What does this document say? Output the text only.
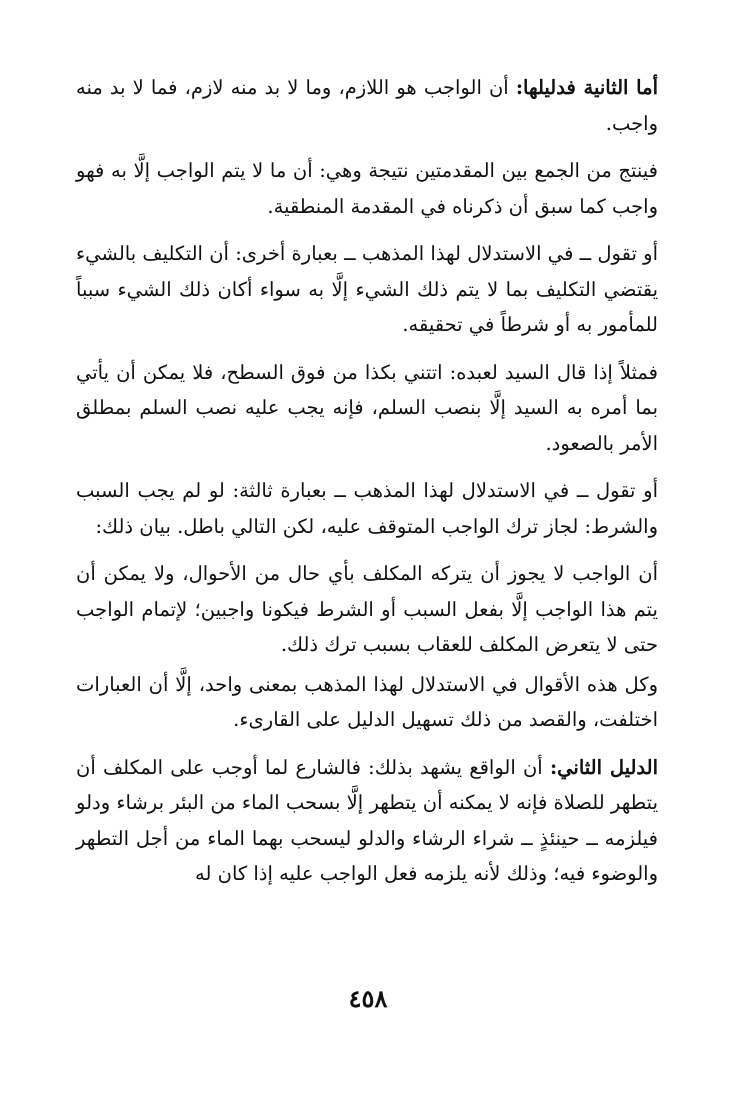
أما الثانية فدليلها: أن الواجب هو اللازم، وما لا بد منه لازم، فما لا بد منه واجب.

فينتج من الجمع بين المقدمتين نتيجة وهي: أن ما لا يتم الواجب إلَّا به فهو واجب كما سبق أن ذكرناه في المقدمة المنطقية.

أو تقول ــ في الاستدلال لهذا المذهب ــ بعبارة أخرى: أن التكليف بالشيء يقتضي التكليف بما لا يتم ذلك الشيء إلَّا به سواء أكان ذلك الشيء سبباً للمأمور به أو شرطاً في تحقيقه.

فمثلاً إذا قال السيد لعبده: اتتني بكذا من فوق السطح، فلا يمكن أن يأتي بما أمره به السيد إلَّا بنصب السلم، فإنه يجب عليه نصب السلم بمطلق الأمر بالصعود.

أو تقول ــ في الاستدلال لهذا المذهب ــ بعبارة ثالثة: لو لم يجب السبب والشرط: لجاز ترك الواجب المتوقف عليه، لكن التالي باطل. بيان ذلك:

أن الواجب لا يجوز أن يتركه المكلف بأي حال من الأحوال، ولا يمكن أن يتم هذا الواجب إلَّا بفعل السبب أو الشرط فيكونا واجبين؛ لإتمام الواجب حتى لا يتعرض المكلف للعقاب بسبب ترك ذلك.

وكل هذه الأقوال في الاستدلال لهذا المذهب بمعنى واحد، إلَّا أن العبارات اختلفت، والقصد من ذلك تسهيل الدليل على القارىء.

الدليل الثاني: أن الواقع يشهد بذلك: فالشارع لما أوجب على المكلف أن يتطهر للصلاة فإنه لا يمكنه أن يتطهر إلَّا بسحب الماء من البئر برشاء ودلو فيلزمه ــ حينئذٍ ــ شراء الرشاء والدلو ليسحب بهما الماء من أجل التطهر والوضوء فيه؛ وذلك لأنه يلزمه فعل الواجب عليه إذا كان له

٤٥٨
